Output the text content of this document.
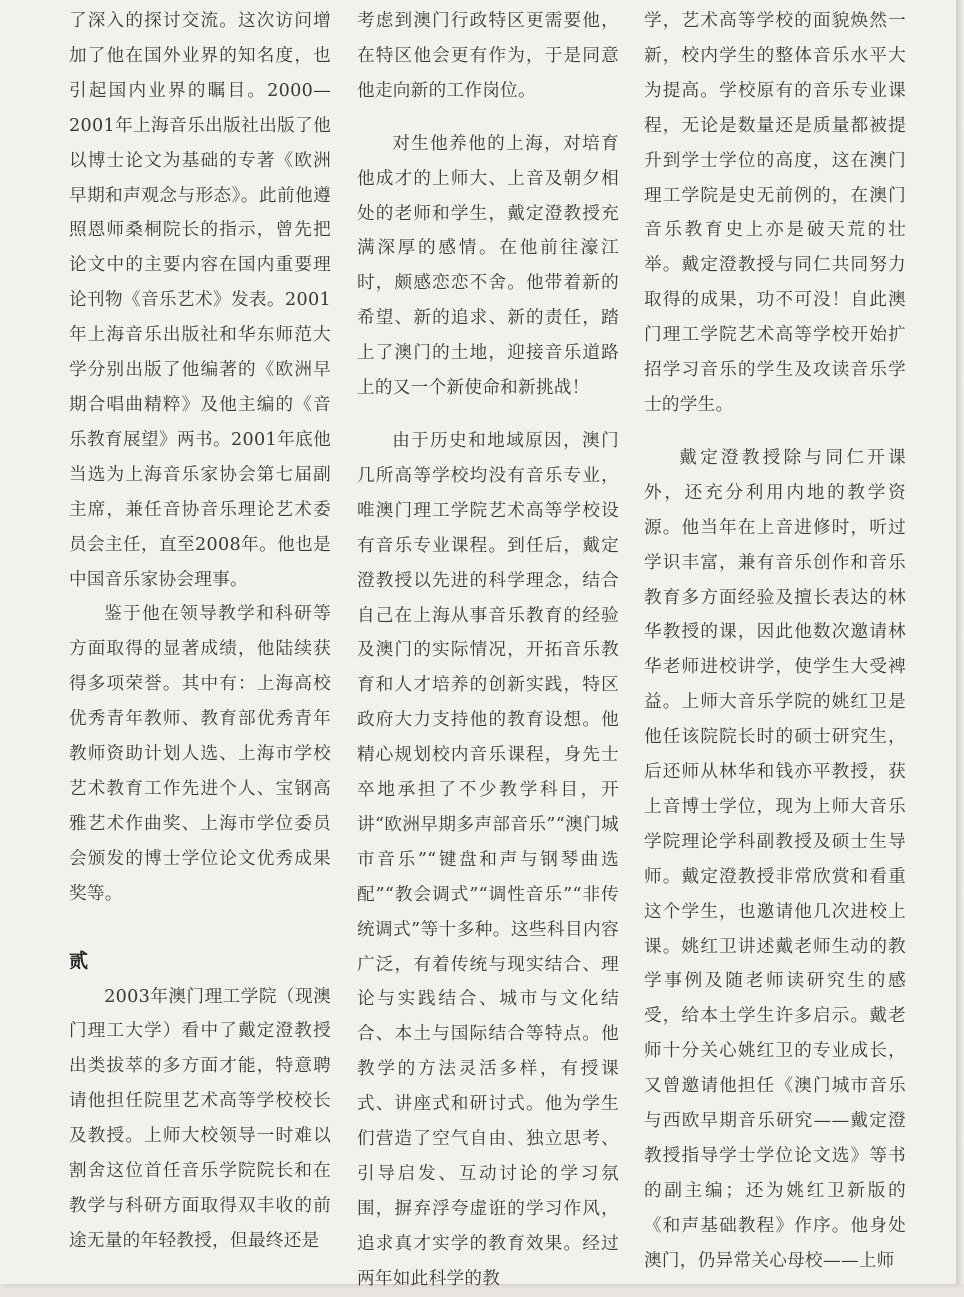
了深入的探讨交流。这次访问增加了他在国外业界的知名度，也引起国内业界的瞩目。2000—2001年上海音乐出版社出版了他以博士论文为基础的专著《欧洲早期和声观念与形态》。此前他遵照恩师桑桐院长的指示，曾先把论文中的主要内容在国内重要理论刊物《音乐艺术》发表。2001年上海音乐出版社和华东师范大学分别出版了他编著的《欧洲早期合唱曲精粹》及他主编的《音乐教育展望》两书。2001年底他当选为上海音乐家协会第七届副主席，兼任音协音乐理论艺术委员会主任，直至2008年。他也是中国音乐家协会理事。

鉴于他在领导教学和科研等方面取得的显著成绩，他陆续获得多项荣誉。其中有：上海高校优秀青年教师、教育部优秀青年教师资助计划人选、上海市学校艺术教育工作先进个人、宝钢高雅艺术作曲奖、上海市学位委员会颁发的博士学位论文优秀成果奖等。

贰

2003年澳门理工学院（现澳门理工大学）看中了戴定澄教授出类拔萃的多方面才能，特意聘请他担任院里艺术高等学校校长及教授。上师大校领导一时难以割舍这位首任音乐学院院长和在教学与科研方面取得双丰收的前途无量的年轻教授，但最终还是

考虑到澳门行政特区更需要他，在特区他会更有作为，于是同意他走向新的工作岗位。

对生他养他的上海，对培育他成才的上师大、上音及朝夕相处的老师和学生，戴定澄教授充满深厚的感情。在他前往濠江时，颇感恋恋不舍。他带着新的希望、新的追求、新的责任，踏上了澳门的土地，迎接音乐道路上的又一个新使命和新挑战！

由于历史和地域原因，澳门几所高等学校均没有音乐专业，唯澳门理工学院艺术高等学校设有音乐专业课程。到任后，戴定澄教授以先进的科学理念，结合自己在上海从事音乐教育的经验及澳门的实际情况，开拓音乐教育和人才培养的创新实践，特区政府大力支持他的教育设想。他精心规划校内音乐课程，身先士卒地承担了不少教学科目，开讲“欧洲早期多声部音乐”“澳门城市音乐”“键盘和声与钢琴曲选配”“教会调式”“调性音乐”“非传统调式”等十多种。这些科目内容广泛，有着传统与现实结合、理论与实践结合、城市与文化结合、本土与国际结合等特点。他教学的方法灵活多样，有授课式、讲座式和研讨式。他为学生们营造了空气自由、独立思考、引导启发、互动讨论的学习氛围，摒弃浮夸虚诳的学习作风，追求真才实学的教育效果。经过两年如此科学的教

学，艺术高等学校的面貌焕然一新，校内学生的整体音乐水平大为提高。学校原有的音乐专业课程，无论是数量还是质量都被提升到学士学位的高度，这在澳门理工学院是史无前例的，在澳门音乐教育史上亦是破天荒的壮举。戴定澄教授与同仁共同努力取得的成果，功不可没！自此澳门理工学院艺术高等学校开始扩招学习音乐的学生及攻读音乐学士的学生。

戴定澄教授除与同仁开课外，还充分利用内地的教学资源。他当年在上音进修时，听过学识丰富，兼有音乐创作和音乐教育多方面经验及擅长表达的林华教授的课，因此他数次邀请林华老师进校讲学，使学生大受裨益。上师大音乐学院的姚红卫是他任该院院长时的硕士研究生，后还师从林华和钱亦平教授，获上音博士学位，现为上师大音乐学院理论学科副教授及硕士生导师。戴定澄教授非常欣赏和看重这个学生，也邀请他几次进校上课。姚红卫讲述戴老师生动的教学事例及随老师读研究生的感受，给本土学生许多启示。戴老师十分关心姚红卫的专业成长，又曾邀请他担任《澳门城市音乐与西欧早期音乐研究——戴定澄教授指导学士学位论文选》等书的副主编；还为姚红卫新版的《和声基础教程》作序。他身处澳门，仍异常关心母校——上师
